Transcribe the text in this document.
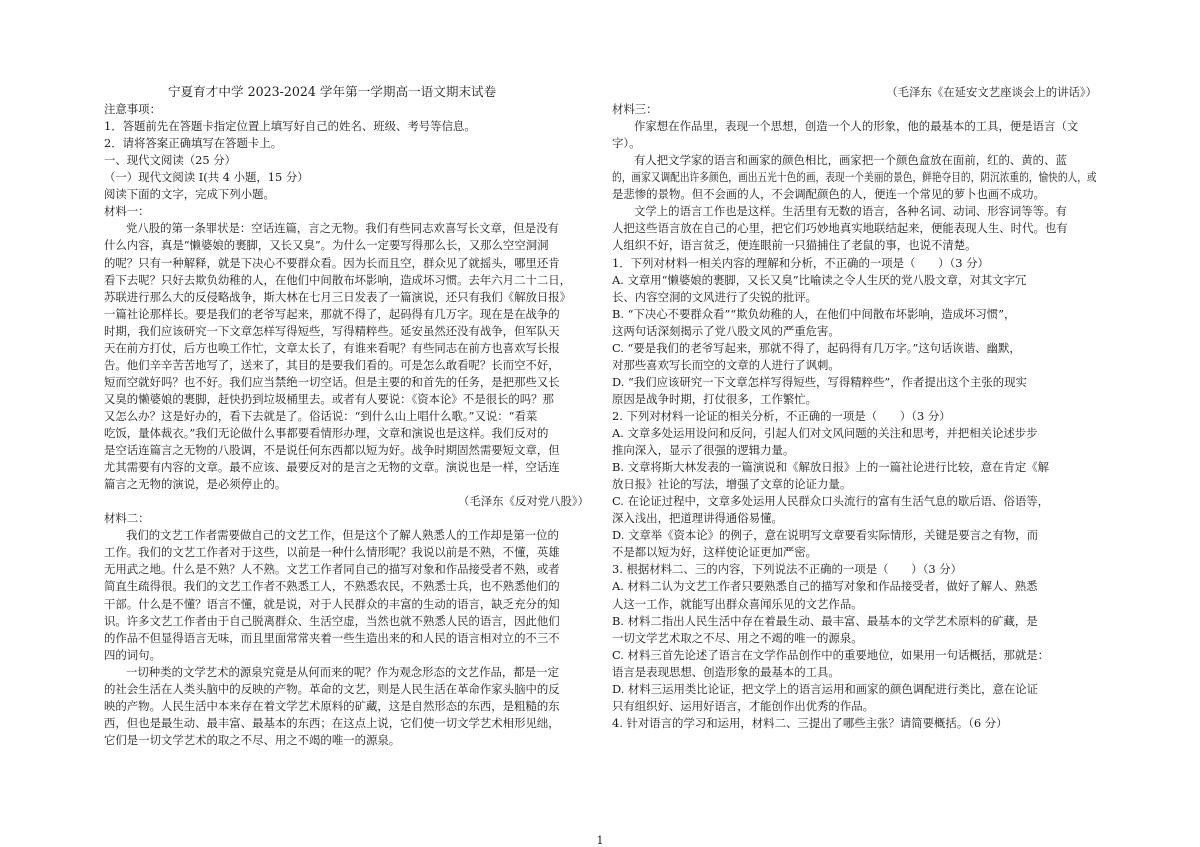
宁夏育才中学 2023-2024 学年第一学期高一语文期末试卷
注意事项：
1．答题前先在答题卡指定位置上填写好自己的姓名、班级、考号等信息。
2．请将答案正确填写在答题卡上。
一、现代文阅读（25 分）
（一）现代文阅读 I(共 4 小题，15 分）
阅读下面的文字，完成下列小题。
材料一：
党八股的第一条罪状是：空话连篇，言之无物。我们有些同志欢喜写长文章，但是没有
什么内容，真是“懒婆娘的裹脚，又长又臭”。为什么一定要写得那么长，又那么空空洞洞
的呢？只有一种解释，就是下决心不要群众看。因为长而且空，群众见了就摇头，哪里还肯
看下去呢？只好去欺负幼稚的人，在他们中间散布坏影响，造成坏习惯。去年六月二十二日，
苏联进行那么大的反侵略战争，斯大林在七月三日发表了一篇演说，还只有我们《解放日报》
一篇社论那样长。要是我们的老爷写起来，那就不得了，起码得有几万字。现在是在战争的
时期，我们应该研究一下文章怎样写得短些，写得精粹些。延安虽然还没有战争，但军队天
天在前方打仗，后方也唤工作忙，文章太长了，有谁来看呢？有些同志在前方也喜欢写长报
告。他们辛辛苦苦地写了，送来了，其目的是要我们看的。可是怎么敢看呢？长而空不好，
短而空就好吗？也不好。我们应当禁绝一切空话。但是主要的和首先的任务，是把那些又长
又臭的懒婆娘的裹脚，赶快扔到垃圾桶里去。或者有人要说：《资本论》不是很长的吗？那
又怎么办？这是好办的，看下去就是了。俗话说：“到什么山上唱什么歌。”又说：“看菜
吃饭，量体裁衣。”我们无论做什么事都要看情形办理，文章和演说也是这样。我们反对的
是空话连篇言之无物的八股调，不是说任何东西都以短为好。战争时期固然需要短文章，但
尤其需要有内容的文章。最不应该、最要反对的是言之无物的文章。演说也是一样，空话连
篇言之无物的演说，是必须停止的。
（毛泽东《反对党八股》）
材料二：
我们的文艺工作者需要做自己的文艺工作，但是这个了解人熟悉人的工作却是第一位的
工作。我们的文艺工作者对于这些，以前是一种什么情形呢？我说以前是不熟，不懂，英雄
无用武之地。什么是不熟？人不熟。文艺工作者同自己的描写对象和作品接受者不熟，或者
简直生疏得很。我们的文艺工作者不熟悉工人，不熟悉农民，不熟悉士兵，也不熟悉他们的
干部。什么是不懂？语言不懂，就是说，对于人民群众的丰富的生动的语言，缺乏充分的知
识。许多文艺工作者由于自己脱离群众、生活空虚，当然也就不熟悉人民的语言，因此他们
的作品不但显得语言无味，而且里面常常夹着一些生造出来的和人民的语言相对立的不三不
四的词句。
一切种类的文学艺术的源泉究竟是从何而来的呢？作为观念形态的文艺作品，都是一定
的社会生活在人类头脑中的反映的产物。革命的文艺，则是人民生活在革命作家头脑中的反
映的产物。人民生活中本来存在着文学艺术原料的矿藏，这是自然形态的东西，是粗糙的东
西，但也是最生动、最丰富、最基本的东西；在这点上说，它们使一切文学艺术相形见绌，
它们是一切文学艺术的取之不尽、用之不竭的唯一的源泉。
（毛泽东《在延安文艺座谈会上的讲话》）
材料三：
作家想在作品里，表现一个思想，创造一个人的形象，他的最基本的工具，便是语言（文
字）。
有人把文学家的语言和画家的颜色相比，画家把一个颜色盒放在面前，红的、黄的、蓝
的，画家又调配出许多颜色，画出五光十色的画，表现一个美丽的景色，鲜艳夺目的，阴沉浓重的，愉快的人，或
是悲惨的景物。但不会画的人，不会调配颜色的人，便连一个常见的萝卜也画不成功。
文学上的语言工作也是这样。生活里有无数的语言，各种名词、动词、形容词等等。有
人把这些语言放在自己的心里，把它们巧妙地真实地联结起来，便能表现人生、时代。也有
人组织不好，语言贫乏，便连眼前一只猫捕住了老鼠的事，也说不清楚。
1．下列对材料一相关内容的理解和分析，不正确的一项是（　　）（3 分）
A. 文章用“懒婆娘的裹脚，又长又臭”比喻读之令人生厌的党八股文章，对其文字冗
长、内容空洞的文风进行了尖锐的批评。
B. “下决心不要群众看”“欺负幼稚的人，在他们中间散布坏影响，造成坏习惯”，
这两句话深刻揭示了党八股文风的严重危害。
C. “要是我们的老爷写起来，那就不得了，起码得有几万字。”这句话诙谐、幽默，
对那些喜欢写长而空的文章的人进行了讽刺。
D. “我们应该研究一下文章怎样写得短些，写得精粹些”，作者提出这个主张的现实
原因是战争时期，打仗很多，工作繁忙。
2. 下列对材料一论证的相关分析，不正确的一项是（　　）（3 分）
A. 文章多处运用设问和反问，引起人们对文风问题的关注和思考，并把相关论述步步
推向深入，显示了很强的逻辑力量。
B. 文章将斯大林发表的一篇演说和《解放日报》上的一篇社论进行比较，意在肯定《解
放日报》社论的写法，增强了文章的论证力量。
C. 在论证过程中，文章多处运用人民群众口头流行的富有生活气息的歇后语、俗语等，
深入浅出，把道理讲得通俗易懂。
D. 文章举《资本论》的例子，意在说明写文章要看实际情形，关键是要言之有物，而
不是都以短为好，这样使论证更加严密。
3. 根据材料二、三的内容，下列说法不正确的一项是（　　）（3 分）
A. 材料二认为文艺工作者只要熟悉自己的描写对象和作品接受者，做好了解人、熟悉
人这一工作，就能写出群众喜闻乐见的文艺作品。
B. 材料二指出人民生活中存在着最生动、最丰富、最基本的文学艺术原料的矿藏，是
一切文学艺术取之不尽、用之不竭的唯一的源泉。
C. 材料三首先论述了语言在文学作品创作中的重要地位，如果用一句话概括，那就是：
语言是表现思想、创造形象的最基本的工具。
D. 材料三运用类比论证，把文学上的语言运用和画家的颜色调配进行类比，意在论证
只有组织好、运用好语言，才能创作出优秀的作品。
4. 针对语言的学习和运用，材料二、三提出了哪些主张？请简要概括。（6 分）
1
